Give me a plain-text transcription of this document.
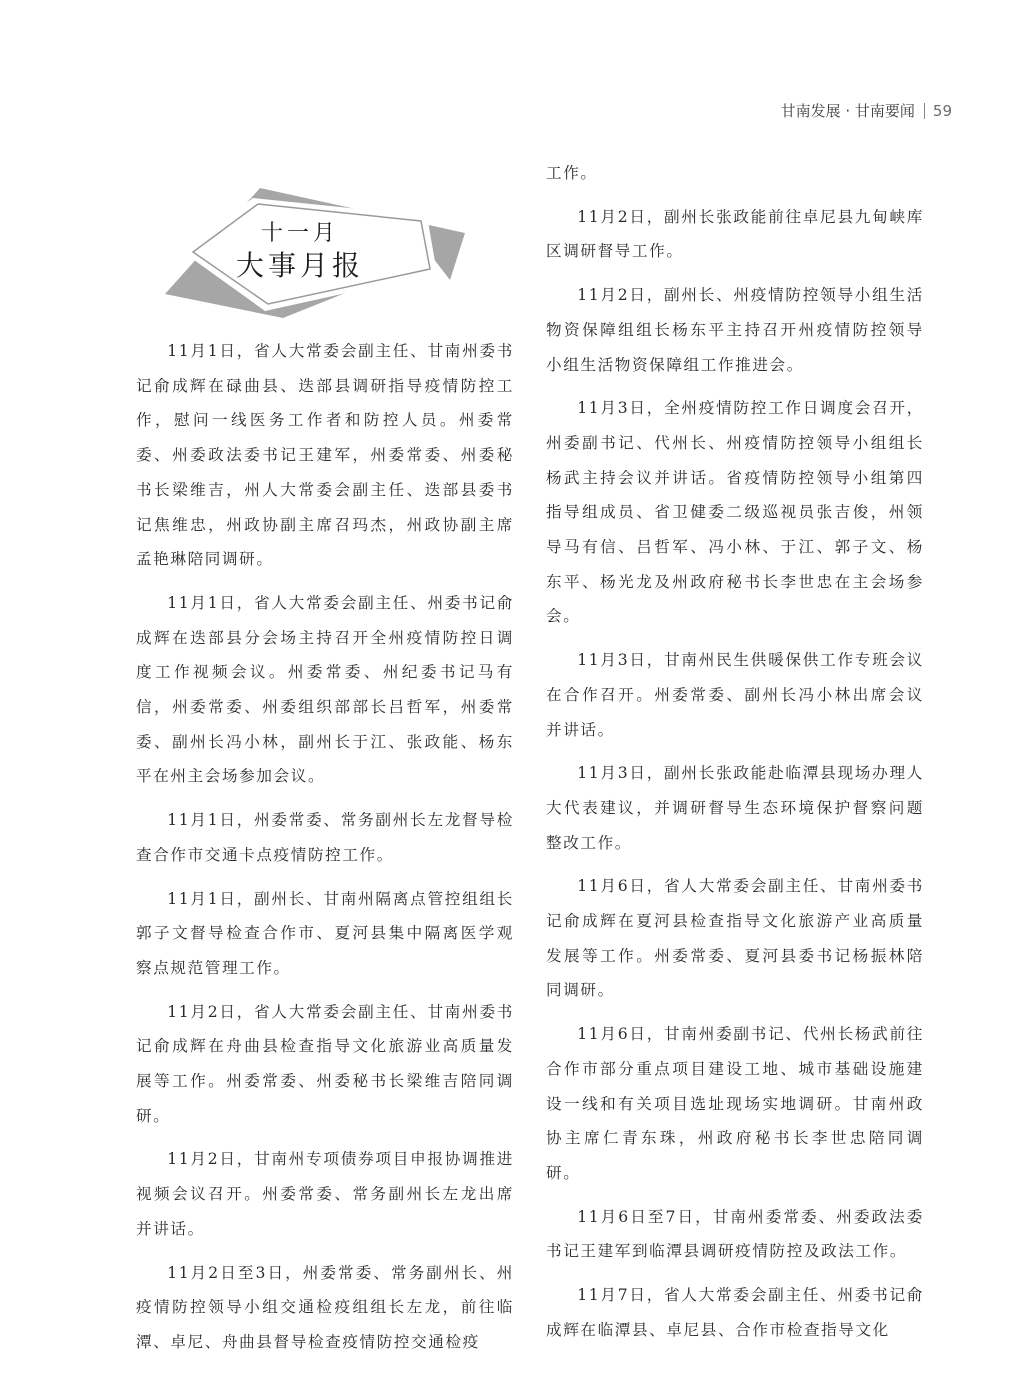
甘南发展 · 甘南要闻 59
十一月
大事月报

11月1日，省人大常委会副主任、甘南州委书记俞成辉在碌曲县、迭部县调研指导疫情防控工作，慰问一线医务工作者和防控人员。州委常委、州委政法委书记王建军，州委常委、州委秘书长梁维吉，州人大常委会副主任、迭部县委书记焦维忠，州政协副主席召玛杰，州政协副主席孟艳琳陪同调研。

11月1日，省人大常委会副主任、州委书记俞成辉在迭部县分会场主持召开全州疫情防控日调度工作视频会议。州委常委、州纪委书记马有信，州委常委、州委组织部部长吕哲军，州委常委、副州长冯小林，副州长于江、张政能、杨东平在州主会场参加会议。

11月1日，州委常委、常务副州长左龙督导检查合作市交通卡点疫情防控工作。

11月1日，副州长、甘南州隔离点管控组组长郭子文督导检查合作市、夏河县集中隔离医学观察点规范管理工作。

11月2日，省人大常委会副主任、甘南州委书记俞成辉在舟曲县检查指导文化旅游业高质量发展等工作。州委常委、州委秘书长梁维吉陪同调研。

11月2日，甘南州专项债券项目申报协调推进视频会议召开。州委常委、常务副州长左龙出席并讲话。

11月2日至3日，州委常委、常务副州长、州疫情防控领导小组交通检疫组组长左龙，前往临潭、卓尼、舟曲县督导检查疫情防控交通检疫

工作。

11月2日，副州长张政能前往卓尼县九甸峡库区调研督导工作。

11月2日，副州长、州疫情防控领导小组生活物资保障组组长杨东平主持召开州疫情防控领导小组生活物资保障组工作推进会。

11月3日，全州疫情防控工作日调度会召开，州委副书记、代州长、州疫情防控领导小组组长杨武主持会议并讲话。省疫情防控领导小组第四指导组成员、省卫健委二级巡视员张吉俊，州领导马有信、吕哲军、冯小林、于江、郭子文、杨东平、杨光龙及州政府秘书长李世忠在主会场参会。

11月3日，甘南州民生供暖保供工作专班会议在合作召开。州委常委、副州长冯小林出席会议并讲话。

11月3日，副州长张政能赴临潭县现场办理人大代表建议，并调研督导生态环境保护督察问题整改工作。

11月6日，省人大常委会副主任、甘南州委书记俞成辉在夏河县检查指导文化旅游产业高质量发展等工作。州委常委、夏河县委书记杨振林陪同调研。

11月6日，甘南州委副书记、代州长杨武前往合作市部分重点项目建设工地、城市基础设施建设一线和有关项目选址现场实地调研。甘南州政协主席仁青东珠，州政府秘书长李世忠陪同调研。

11月6日至7日，甘南州委常委、州委政法委书记王建军到临潭县调研疫情防控及政法工作。

11月7日，省人大常委会副主任、州委书记俞成辉在临潭县、卓尼县、合作市检查指导文化
